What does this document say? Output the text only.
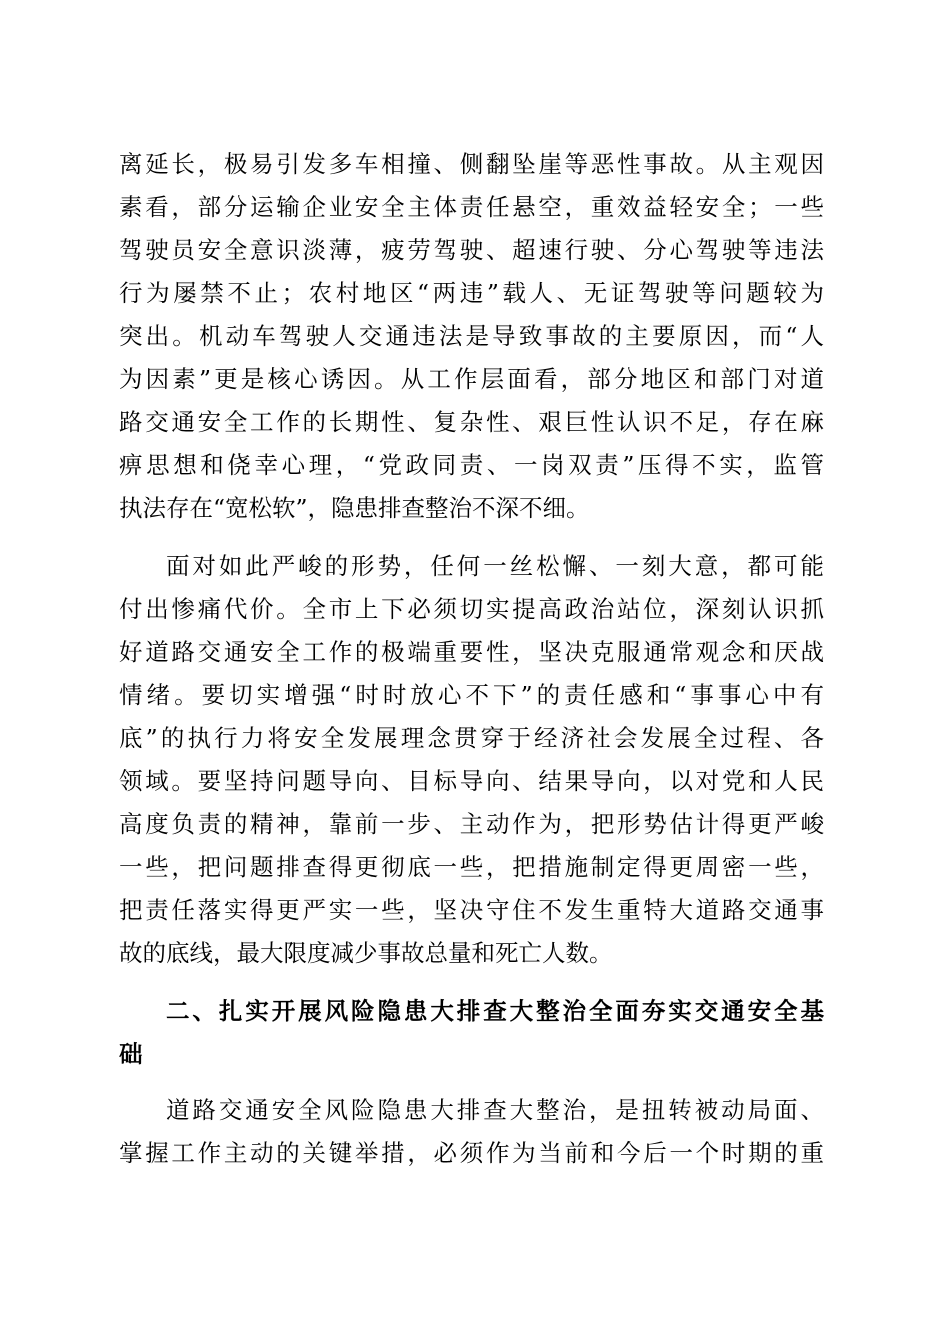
离延长，极易引发多车相撞、侧翻坠崖等恶性事故。从主观因
素看，部分运输企业安全主体责任悬空，重效益轻安全；一些
驾驶员安全意识淡薄，疲劳驾驶、超速行驶、分心驾驶等违法
行为屡禁不止；农村地区“两违”载人、无证驾驶等问题较为
突出。机动车驾驶人交通违法是导致事故的主要原因，而“人
为因素”更是核心诱因。从工作层面看，部分地区和部门对道
路交通安全工作的长期性、复杂性、艰巨性认识不足，存在麻
痹思想和侥幸心理，“党政同责、一岗双责”压得不实，监管
执法存在“宽松软”，隐患排查整治不深不细。
面对如此严峻的形势，任何一丝松懈、一刻大意，都可能
付出惨痛代价。全市上下必须切实提高政治站位，深刻认识抓
好道路交通安全工作的极端重要性，坚决克服通常观念和厌战
情绪。要切实增强“时时放心不下”的责任感和“事事心中有
底”的执行力将安全发展理念贯穿于经济社会发展全过程、各
领域。要坚持问题导向、目标导向、结果导向，以对党和人民
高度负责的精神，靠前一步、主动作为，把形势估计得更严峻
一些，把问题排查得更彻底一些，把措施制定得更周密一些，
把责任落实得更严实一些，坚决守住不发生重特大道路交通事
故的底线，最大限度减少事故总量和死亡人数。
二、扎实开展风险隐患大排查大整治全面夯实交通安全基
础
道路交通安全风险隐患大排查大整治，是扭转被动局面、
掌握工作主动的关键举措，必须作为当前和今后一个时期的重
